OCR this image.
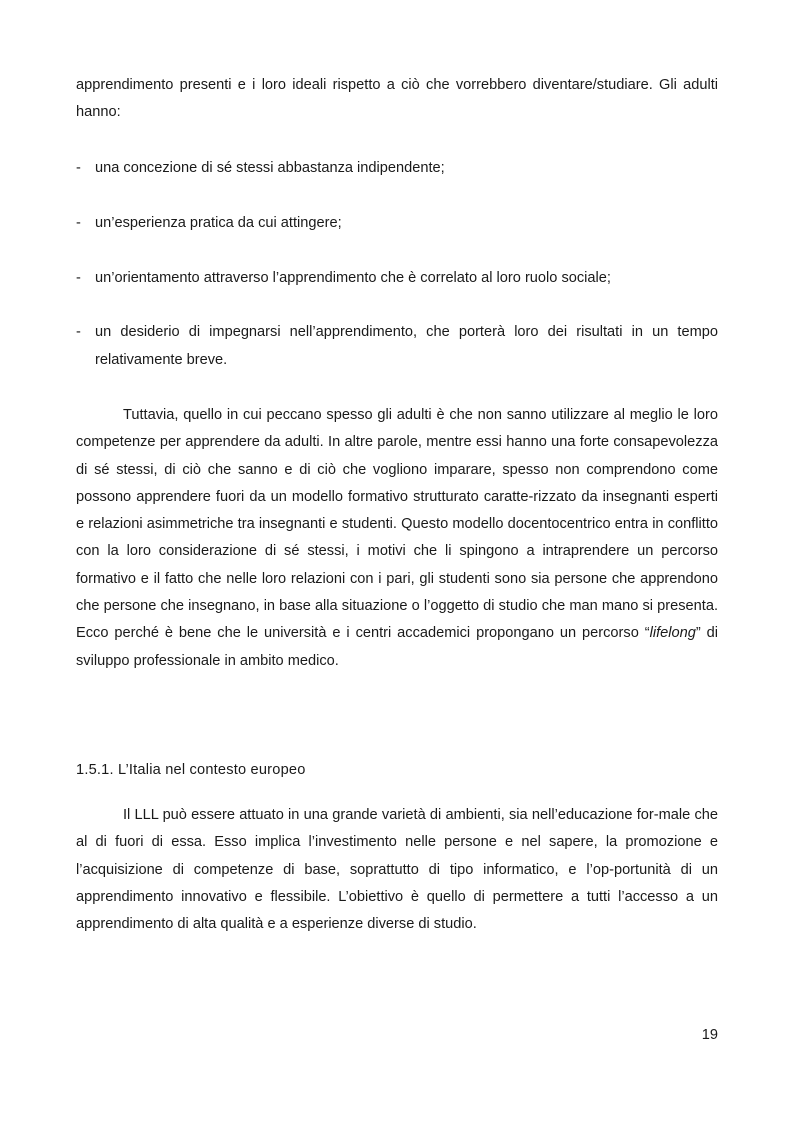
apprendimento presenti e i loro ideali rispetto a ciò che vorrebbero diventare/studiare. Gli adulti hanno:

- una concezione di sé stessi abbastanza indipendente;
- un’esperienza pratica da cui attingere;
- un’orientamento attraverso l’apprendimento che è correlato al loro ruolo sociale;
- un desiderio di impegnarsi nell’apprendimento, che porterà loro dei risultati in un tempo relativamente breve.

Tuttavia, quello in cui peccano spesso gli adulti è che non sanno utilizzare al meglio le loro competenze per apprendere da adulti. In altre parole, mentre essi hanno una forte consapevolezza di sé stessi, di ciò che sanno e di ciò che vogliono imparare, spesso non comprendono come possono apprendere fuori da un modello formativo strutturato caratte-rizzato da insegnanti esperti e relazioni asimmetriche tra insegnanti e studenti. Questo modello docentocentrico entra in conflitto con la loro considerazione di sé stessi, i motivi che li spingono a intraprendere un percorso formativo e il fatto che nelle loro relazioni con i pari, gli studenti sono sia persone che apprendono che persone che insegnano, in base alla situazione o l’oggetto di studio che man mano si presenta. Ecco perché è bene che le università e i centri accademici propongano un percorso “lifelong” di sviluppo professionale in ambito medico.

1.5.1. L’Italia nel contesto europeo

Il LLL può essere attuato in una grande varietà di ambienti, sia nell’educazione for-male che al di fuori di essa. Esso implica l’investimento nelle persone e nel sapere, la promozione e l’acquisizione di competenze di base, soprattutto di tipo informatico, e l’op-portunità di un apprendimento innovativo e flessibile. L’obiettivo è quello di permettere a tutti l’accesso a un apprendimento di alta qualità e a esperienze diverse di studio.

19
